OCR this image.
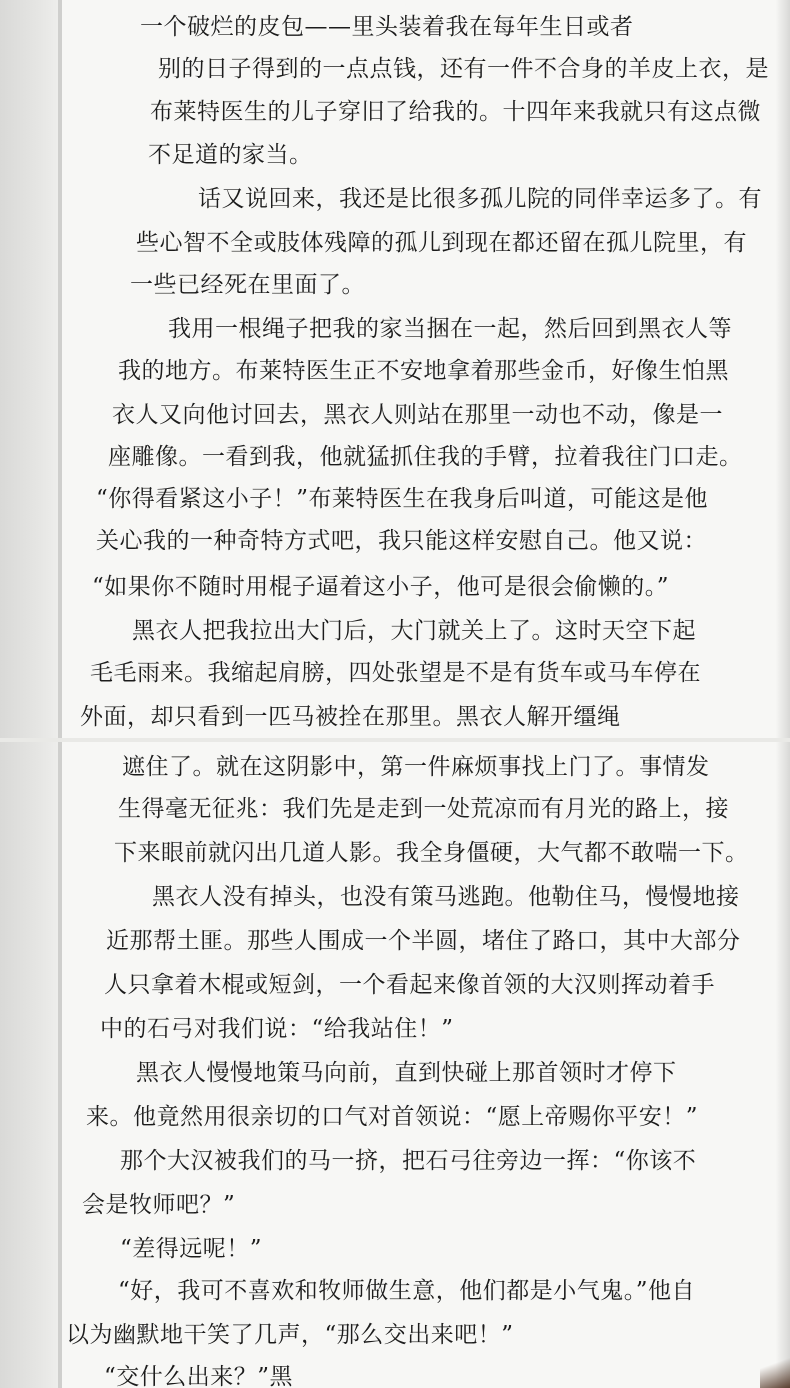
一个破烂的皮包——里头装着我在每年生日或者
别的日子得到的一点点钱，还有一件不合身的羊皮上衣，是
布莱特医生的儿子穿旧了给我的。十四年来我就只有这点微
不足道的家当。
话又说回来，我还是比很多孤儿院的同伴幸运多了。有
些心智不全或肢体残障的孤儿到现在都还留在孤儿院里，有
一些已经死在里面了。
我用一根绳子把我的家当捆在一起，然后回到黑衣人等
我的地方。布莱特医生正不安地拿着那些金币，好像生怕黑
衣人又向他讨回去，黑衣人则站在那里一动也不动，像是一
座雕像。一看到我，他就猛抓住我的手臂，拉着我往门口走。
“你得看紧这小子！”布莱特医生在我身后叫道，可能这是他
关心我的一种奇特方式吧，我只能这样安慰自己。他又说：
“如果你不随时用棍子逼着这小子，他可是很会偷懒的。”
黑衣人把我拉出大门后，大门就关上了。这时天空下起
毛毛雨来。我缩起肩膀，四处张望是不是有货车或马车停在
外面，却只看到一匹马被拴在那里。黑衣人解开缰绳
遮住了。就在这阴影中，第一件麻烦事找上门了。事情发
生得毫无征兆：我们先是走到一处荒凉而有月光的路上，接
下来眼前就闪出几道人影。我全身僵硬，大气都不敢喘一下。
黑衣人没有掉头，也没有策马逃跑。他勒住马，慢慢地接
近那帮土匪。那些人围成一个半圆，堵住了路口，其中大部分
人只拿着木棍或短剑，一个看起来像首领的大汉则挥动着手
中的石弓对我们说：“给我站住！”
黑衣人慢慢地策马向前，直到快碰上那首领时才停下
来。他竟然用很亲切的口气对首领说：“愿上帝赐你平安！”
那个大汉被我们的马一挤，把石弓往旁边一挥：“你该不
会是牧师吧？”
“差得远呢！”
“好，我可不喜欢和牧师做生意，他们都是小气鬼。”他自
以为幽默地干笑了几声，“那么交出来吧！”
“交什么出来？”黑
